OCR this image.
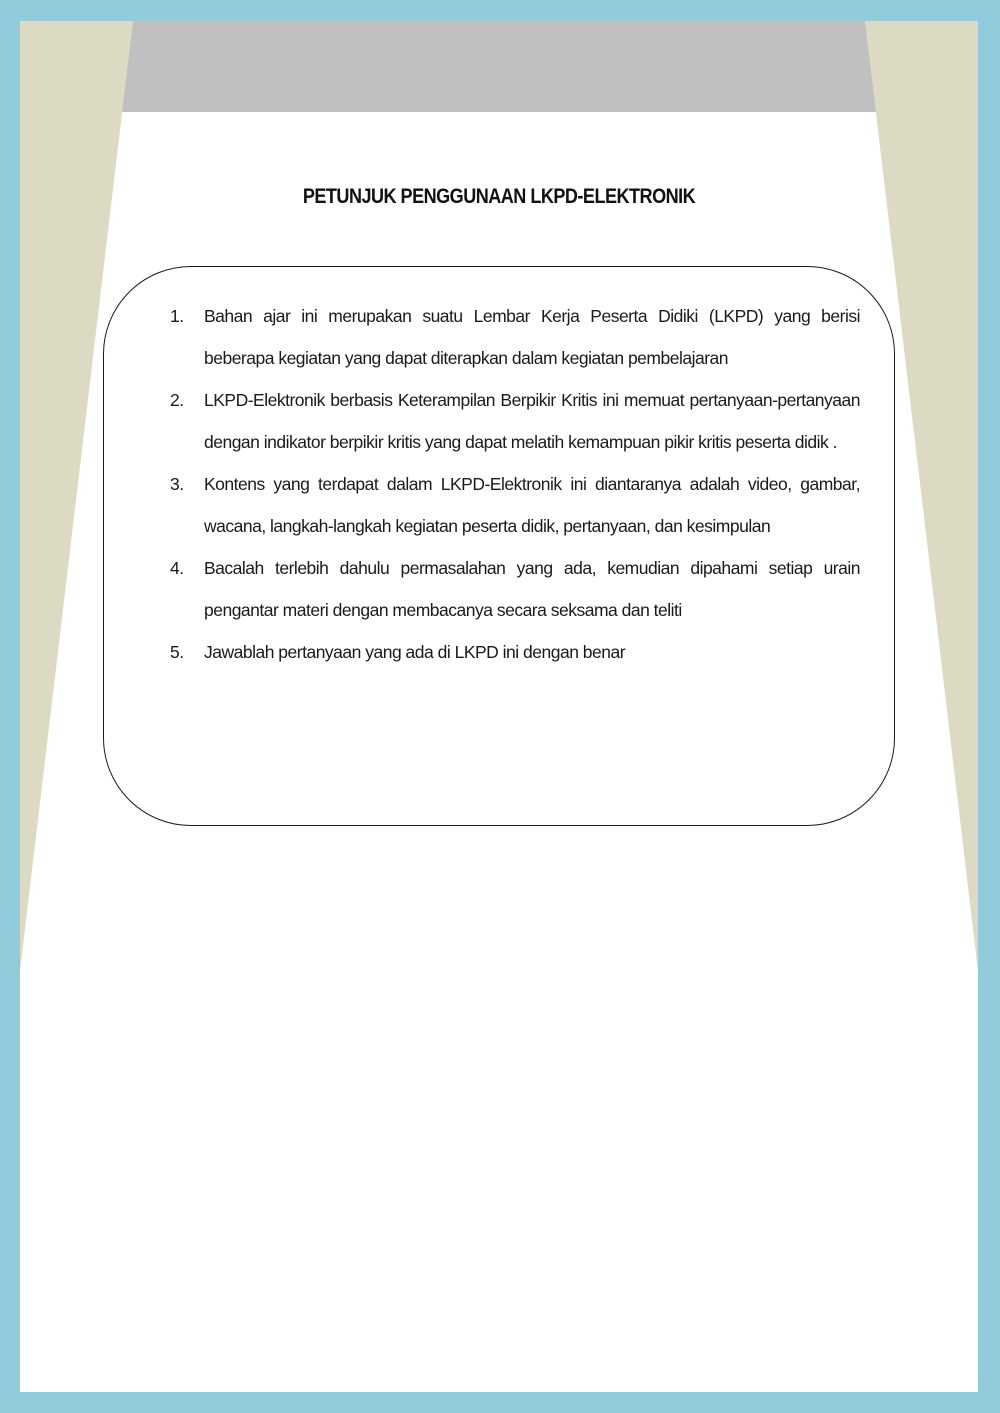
PETUNJUK PENGGUNAAN LKPD-ELEKTRONIK
1. Bahan ajar ini merupakan suatu Lembar Kerja Peserta Didiki (LKPD) yang berisi beberapa kegiatan yang dapat diterapkan dalam kegiatan pembelajaran
2. LKPD-Elektronik berbasis Keterampilan Berpikir Kritis ini memuat pertanyaan-pertanyaan dengan indikator berpikir kritis yang dapat melatih kemampuan pikir kritis peserta didik .
3. Kontens yang terdapat dalam LKPD-Elektronik ini diantaranya adalah video, gambar, wacana, langkah-langkah kegiatan peserta didik, pertanyaan, dan kesimpulan
4. Bacalah terlebih dahulu permasalahan yang ada, kemudian dipahami setiap urain pengantar materi dengan membacanya secara seksama dan teliti
5. Jawablah pertanyaan yang ada di LKPD ini dengan benar
